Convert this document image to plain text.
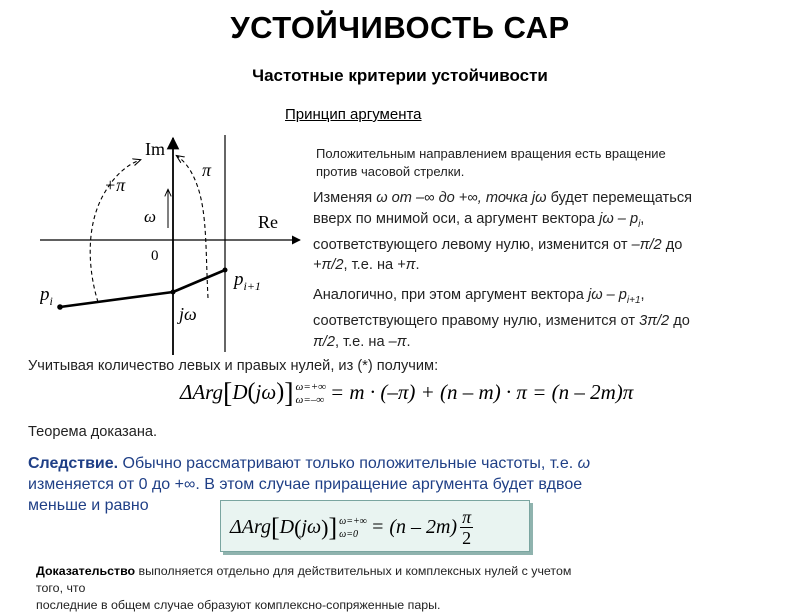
УСТОЙЧИВОСТЬ САР
Частотные критерии устойчивости
Принцип аргумента
Im
Re
0
ω
+π
π
jω
$p_i$
$p_{i+1}$
Положительным направлением вращения есть вращение
против часовой стрелки.
Изменяя ω от –∞ до +∞, точка jω будет перемещаться
вверх по мнимой оси, а аргумент вектора jω – $p_i$,
соответствующего левому нулю, изменится от –π/2 до
+π/2, т.е. на +π.
Аналогично, при этом аргумент вектора jω – $p_{i+1}$,
соответствующего правому нулю, изменится от 3π/2 до
π/2, т.е. на –π.
Учитывая количество левых и правых нулей, из (*) получим:
ΔArg[D(jω)] ω=+∞
ω=–∞ = m · (–π) + (n – m) · π = (n – 2m)π
Теорема доказана.
Следствие. Обычно рассматривают только положительные частоты, т.е. ω
изменяется от 0 до +∞. В этом случае приращение аргумента будет вдвое
меньше и равно
ΔArg [ D ( j ω ) ] ω=+∞
ω=0 = (n – 2m) π
2
Доказательство выполняется отдельно для действительных и комплексных нулей с учетом того, что
последние в общем случае образуют комплексно-сопряженные пары.
